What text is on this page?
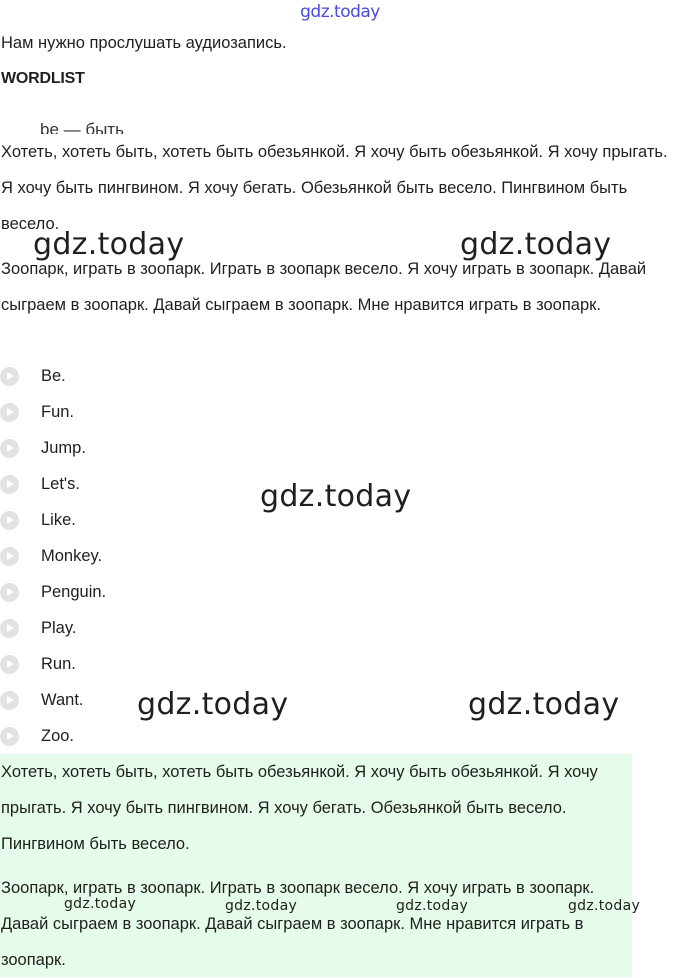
gdz.today
Нам нужно прослушать аудиозапись.
WORDLIST
be — быть
Хотеть, хотеть быть, хотеть быть обезьянкой. Я хочу быть обезьянкой. Я хочу прыгать. Я хочу быть пингвином. Я хочу бегать. Обезьянкой быть весело. Пингвином быть весело.
Зоопарк, играть в зоопарк. Играть в зоопарк весело. Я хочу играть в зоопарк. Давай сыграем в зоопарк. Давай сыграем в зоопарк. Мне нравится играть в зоопарк.
Be.
Fun.
Jump.
Let's.
Like.
Monkey.
Penguin.
Play.
Run.
Want.
Zoo.
Хотеть, хотеть быть, хотеть быть обезьянкой. Я хочу быть обезьянкой. Я хочу прыгать. Я хочу быть пингвином. Я хочу бегать. Обезьянкой быть весело. Пингвином быть весело.
Зоопарк, играть в зоопарк. Играть в зоопарк весело. Я хочу играть в зоопарк. Давай сыграем в зоопарк. Давай сыграем в зоопарк. Мне нравится играть в зоопарк.
gdz.today	gdz.today
gdz.today
gdz.today	gdz.today
gdz.today	gdz.today	gdz.today	gdz.today
